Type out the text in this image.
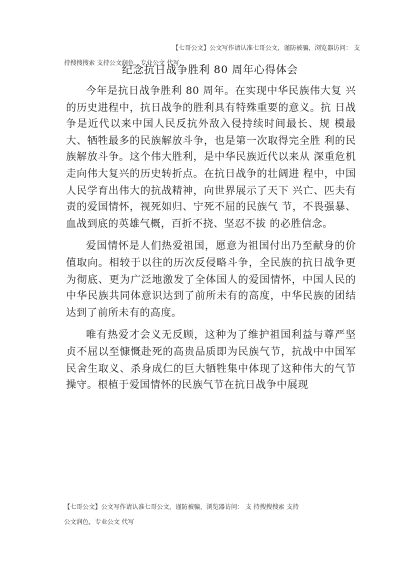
【七哥公文】公文写作请认准七哥公文，谨防被骗，浏览器访问： 支
持搜搜搜索 支持公文润色，专业公文 代写
纪念抗日战争胜利 80 周年心得体会

今年是抗日战争胜利 80 周年。在实现中华民族伟大复 兴的历史进程中，抗日战争的胜利具有特殊重要的意义。抗 日战争是近代以来中国人民反抗外敌入侵持续时间最长、规 模最大、牺牲最多的民族解放斗争，也是第一次取得完全胜 利的民族解放斗争。这个伟大胜利，是中华民族近代以来从 深重危机走向伟大复兴的历史转折点。在抗日战争的壮阔进 程中，中国人民学育出伟大的抗战精神，向世界展示了天下 兴亡、匹夫有责的爱国情怀，视死如归、宁死不屈的民族气 节，不畏强暴、血战到底的英雄气概，百折不挠、坚忍不拔 的必胜信念。

爱国情怀是人们热爱祖国，愿意为祖国付出乃至献身的价值取向。相较于以往的历次反侵略斗争，全民族的抗日战争更为彻底、更为广泛地激发了全体国人的爱国情怀，中国人民的中华民族共同体意识达到了前所未有的高度，中华民族的团结达到了前所未有的高度。

唯有热爱才会义无反顾，这种为了维护祖国利益与尊严坚贞不屈以至慷慨赴死的高贵品质即为民族气节，抗战中中国军民舍生取义、杀身成仁的巨大牺牲集中体现了这种伟大的气节操守。根植于爱国情怀的民族气节在抗日战争中展现

【七哥公文】公文写作请认准七哥公文，谨防被骗，浏览器访问： 支 持搜搜搜索 支持
公文润色，专业公文 代写
